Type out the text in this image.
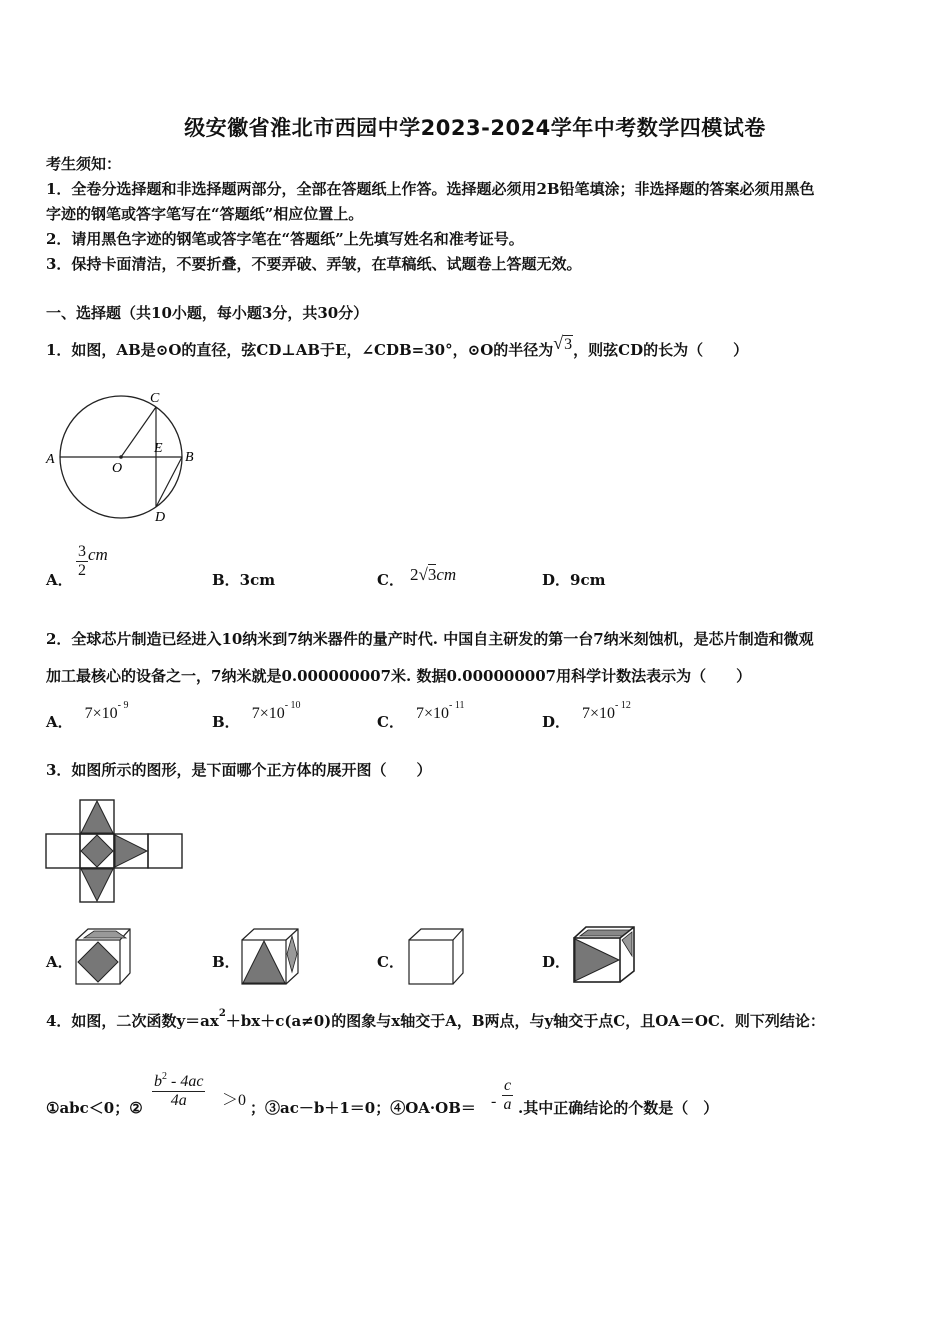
级安徽省淮北市西园中学2023-2024学年中考数学四模试卷
考生须知：
1．全卷分选择题和非选择题两部分，全部在答题纸上作答。选择题必须用2B铅笔填涂；非选择题的答案必须用黑色
字迹的钢笔或答字笔写在“答题纸”相应位置上。
2．请用黑色字迹的钢笔或答字笔在“答题纸”上先填写姓名和准考证号。
3．保持卡面清洁，不要折叠，不要弄破、弄皱，在草稿纸、试题卷上答题无效。
一、选择题（共10小题，每小题3分，共30分）
1．如图，AB是⊙O的直径，弦CD⊥AB于E，∠CDB=30°，⊙O的半径为√3，则弦CD的长为（　　）
A	B
C
D
E
O
A． $\frac{3}{2}$ cm
B．3cm	C． 2√3cm	D．9cm
2．全球芯片制造已经进入10纳米到7纳米器件的量产时代. 中国自主研发的第一台7纳米刻蚀机，是芯片制造和微观
加工最核心的设备之一，7纳米就是0.000000007米. 数据0.000000007用科学计数法表示为（　　）
A． $7\times 10^{- 9}$
B． $7\times 10^{- 10}$
C． $7\times 10^{- 11}$
D． $7\times 10^{- 12}$
3．如图所示的图形，是下面哪个正方体的展开图（　　）
A．	B．	C．	D．
4．如图，二次函数$y=ax^2+bx+c(a\ne 0)$的图象与x轴交于A，B两点，与y轴交于点C，且OA＝OC．则下列结论：
①abc＜0；② $\frac{b^2 - 4ac}{4a} >0$ ；③ac－b＋1＝0；④OA·OB＝ - $\frac{c}{a}$ .其中正确结论的个数是（　）
